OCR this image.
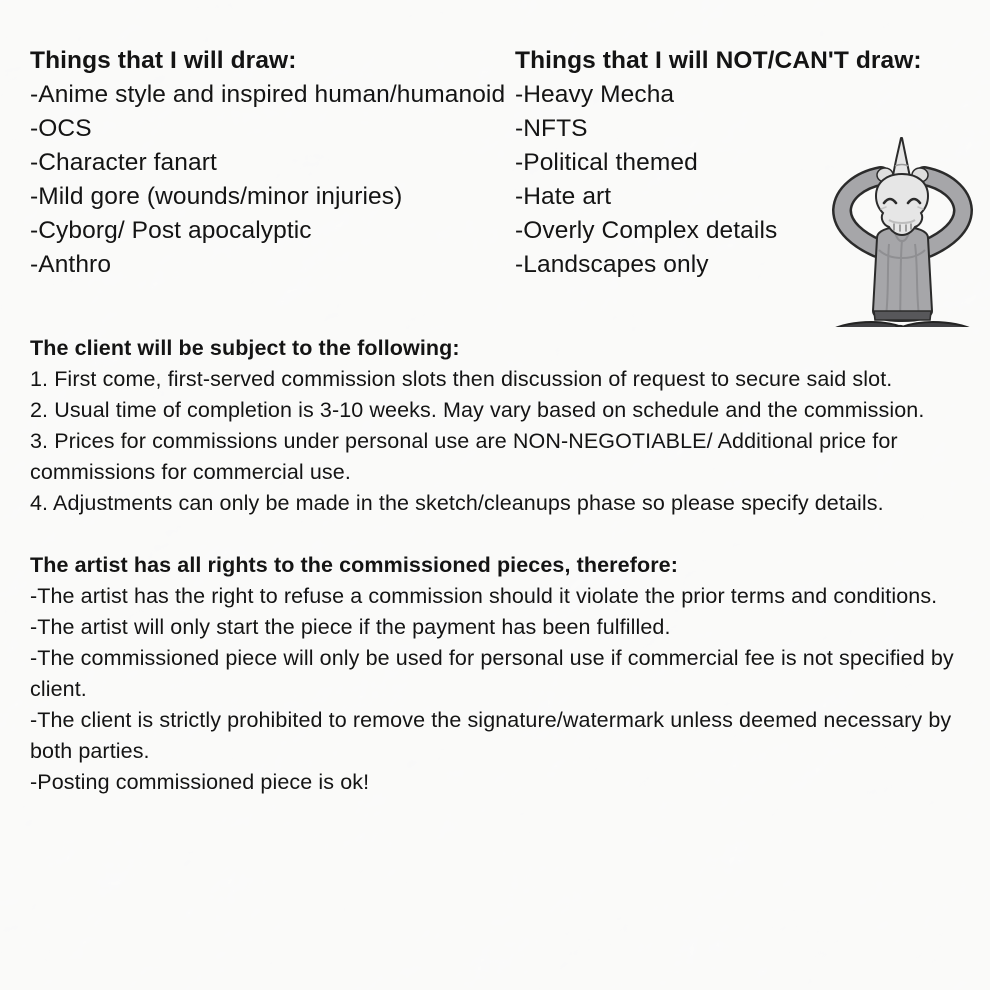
Things that I will draw:
-Anime style and inspired human/humanoid
-OCS
-Character fanart
-Mild gore (wounds/minor injuries)
-Cyborg/ Post apocalyptic
-Anthro
Things that I will NOT/CAN'T draw:
-Heavy Mecha
-NFTS
-Political themed
-Hate art
-Overly Complex details
-Landscapes only
The client will be subject to the following:
1. First come, first-served commission slots then discussion of request to secure said slot.
2. Usual time of completion is 3-10 weeks. May vary based on schedule and the commission.
3. Prices for commissions under personal use are NON-NEGOTIABLE/ Additional price for commissions for commercial use.
4. Adjustments can only be made in the sketch/cleanups phase so please specify details.
The artist has all rights to the commissioned pieces, therefore:
-The artist has the right to refuse a commission should it violate the prior terms and conditions.
-The artist will only start the piece if the payment has been fulfilled.
-The commissioned piece will only be used for personal use if commercial fee is not specified by client.
-The client is strictly prohibited to remove the signature/watermark unless deemed necessary by both parties.
-Posting commissioned piece is ok!
